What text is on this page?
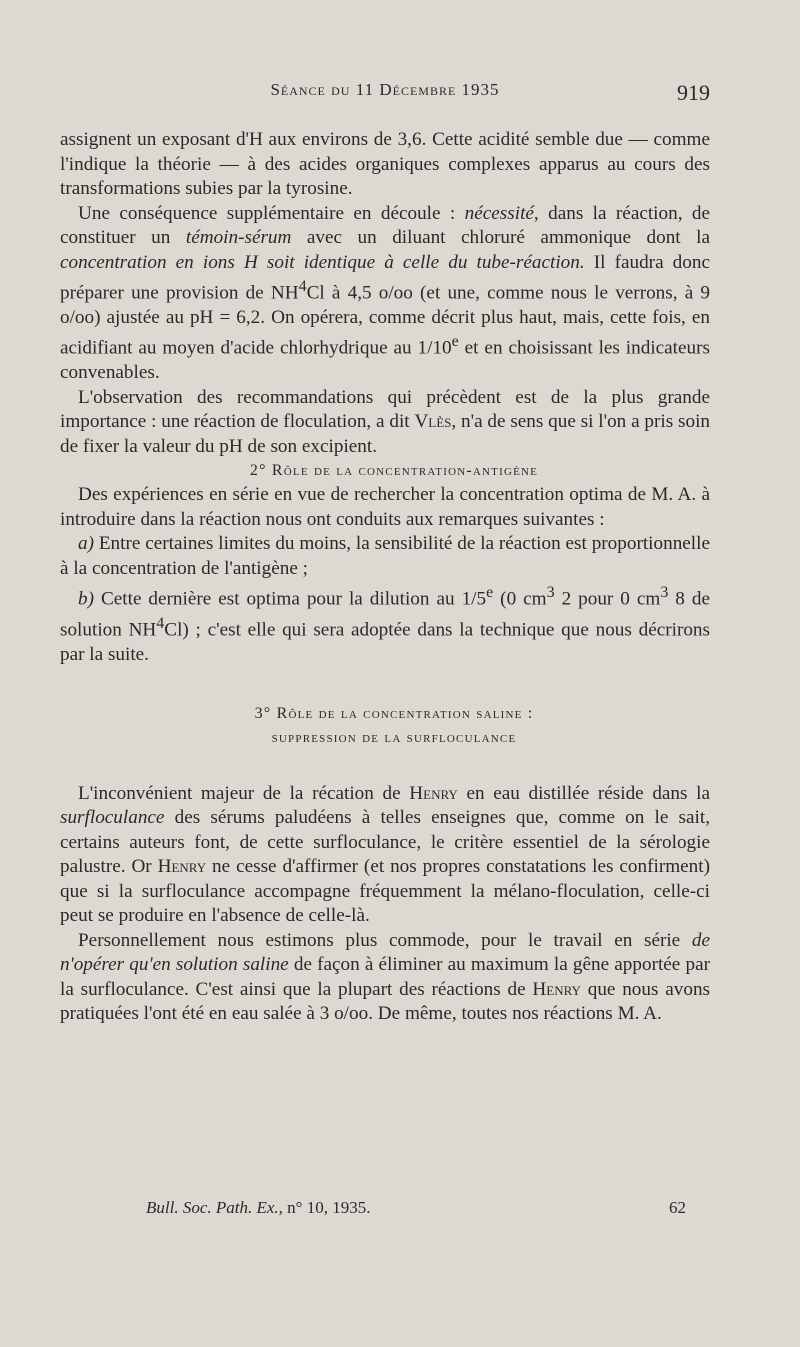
Séance du 11 Décembre 1935	919

assignent un exposant d'H aux environs de 3,6. Cette acidité semble due — comme l'indique la théorie — à des acides organiques complexes apparus au cours des transformations subies par la tyrosine.

Une conséquence supplémentaire en découle : nécessité, dans la réaction, de constituer un témoin-sérum avec un diluant chloruré ammonique dont la concentration en ions H soit identique à celle du tube-réaction. Il faudra donc préparer une provision de $NH^4Cl$ à 4,5 o/oo (et une, comme nous le verrons, à 9 o/oo) ajustée au pH = 6,2. On opérera, comme décrit plus haut, mais, cette fois, en acidifiant au moyen d'acide chlorhydrique au 1/10e et en choisissant les indicateurs convenables.

L'observation des recommandations qui précèdent est de la plus grande importance : une réaction de floculation, a dit Vlès, n'a de sens que si l'on a pris soin de fixer la valeur du pH de son excipient.

2° Rôle de la concentration-antigène

Des expériences en série en vue de rechercher la concentration optima de M. A. à introduire dans la réaction nous ont conduits aux remarques suivantes :

a) Entre certaines limites du moins, la sensibilité de la réaction est proportionnelle à la concentration de l'antigène ;

b) Cette dernière est optima pour la dilution au 1/5e (0 $cm^3$ 2 pour 0 $cm^3$ 8 de solution $NH^4Cl$) ; c'est elle qui sera adoptée dans la technique que nous décrirons par la suite.

3° Rôle de la concentration saline :

suppression de la surfloculance

L'inconvénient majeur de la récation de Henry en eau distillée réside dans la surfloculance des sérums paludéens à telles enseignes que, comme on le sait, certains auteurs font, de cette surfloculance, le critère essentiel de la sérologie palustre. Or Henry ne cesse d'affirmer (et nos propres constatations les confirment) que si la surfloculance accompagne fréquemment la mélano-floculation, celle-ci peut se produire en l'absence de celle-là.

Personnellement nous estimons plus commode, pour le travail en série de n'opérer qu'en solution saline de façon à éliminer au maximum la gêne apportée par la surfloculance. C'est ainsi que la plupart des réactions de Henry que nous avons pratiquées l'ont été en eau salée à 3 o/oo. De même, toutes nos réactions M. A.

Bull. Soc. Path. Ex., n° 10, 1935.	62
